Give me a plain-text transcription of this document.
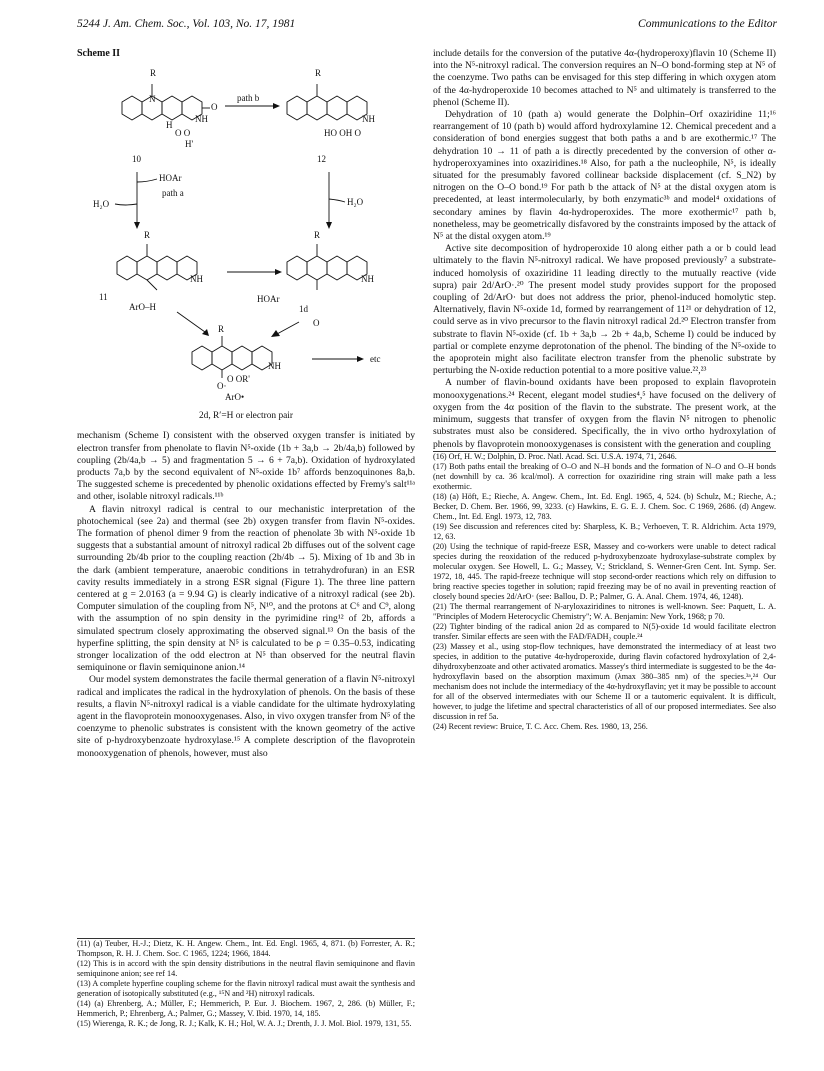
5244 J. Am. Chem. Soc., Vol. 103, No. 17, 1981	Communications to the Editor
Scheme II
R
N
O
NH
H
O O
H'
10
path b
R
NH
HO OH O
12
HOAr
path a
H₂O	H₂O
R
NH
11
ArO–H
R
NH
HOAr
1d
O
R
NH
O OR'
O·
etc
ArO•
2d, R′=H or electron pair

mechanism (Scheme I) consistent with the observed oxygen transfer is initiated by electron transfer from phenolate to flavin N⁵-oxide (1b + 3a,b → 2b/4a,b) followed by coupling (2b/4a,b → 5) and fragmentation 5 → 6 + 7a,b). Oxidation of hydroxylated products 7a,b by the second equivalent of N⁵-oxide 1b⁷ affords benzoquinones 8a,b. The suggested scheme is precedented by phenolic oxidations effected by Fremy's salt¹¹ᵃ and other, isolable nitroxyl radicals.¹¹ᵇ

A flavin nitroxyl radical is central to our mechanistic interpretation of the photochemical (see 2a) and thermal (see 2b) oxygen transfer from flavin N⁵-oxides. The formation of phenol dimer 9 from the reaction of phenolate 3b with N⁵-oxide 1b suggests that a substantial amount of nitroxyl radical 2b diffuses out of the solvent cage surrounding 2b/4b prior to the coupling reaction (2b/4b → 5). Mixing of 1b and 3b in the dark (ambient temperature, anaerobic conditions in tetrahydrofuran) in an ESR cavity results immediately in a strong ESR signal (Figure 1). The three line pattern centered at g = 2.0163 (a = 9.94 G) is clearly indicative of a nitroxyl radical (see 2b). Computer simulation of the coupling from N⁵, N¹⁰, and the protons at C⁶ and C⁹, along with the assumption of no spin density in the pyrimidine ring¹² of 2b, affords a simulated spectrum closely approximating the observed signal.¹³ On the basis of the hyperfine splitting, the spin density at N⁵ is calculated to be ρ = 0.35–0.53, indicating stronger localization of the odd electron at N⁵ than observed for the neutral flavin semiquinone or flavin semiquinone anion.¹⁴

Our model system demonstrates the facile thermal generation of a flavin N⁵-nitroxyl radical and implicates the radical in the hydroxylation of phenols. On the basis of these results, a flavin N⁵-nitroxyl radical is a viable candidate for the ultimate hydroxylating agent in the flavoprotein monooxygenases. Also, in vivo oxygen transfer from N⁵ of the coenzyme to phenolic substrates is consistent with the known geometry of the active site of p-hydroxybenzoate hydroxylase.¹⁵ A complete description of the flavoprotein monooxygenation of phenols, however, must also

(11) (a) Teuber, H.-J.; Dietz, K. H. Angew. Chem., Int. Ed. Engl. 1965, 4, 871. (b) Forrester, A. R.; Thompson, R. H. J. Chem. Soc. C 1965, 1224; 1966, 1844.
(12) This is in accord with the spin density distributions in the neutral flavin semiquinone and flavin semiquinone anion; see ref 14.
(13) A complete hyperfine coupling scheme for the flavin nitroxyl radical must await the synthesis and generation of isotopically substituted (e.g., ¹⁵N and ²H) nitroxyl radicals.
(14) (a) Ehrenberg, A.; Müller, F.; Hemmerich, P. Eur. J. Biochem. 1967, 2, 286. (b) Müller, F.; Hemmerich, P.; Ehrenberg, A.; Palmer, G.; Massey, V. Ibid. 1970, 14, 185.
(15) Wierenga, R. K.; de Jong, R. J.; Kalk, K. H.; Hol, W. A. J.; Drenth, J. J. Mol. Biol. 1979, 131, 55.

include details for the conversion of the putative 4α-(hydroperoxy)flavin 10 (Scheme II) into the N⁵-nitroxyl radical. The conversion requires an N–O bond-forming step at N⁵ of the coenzyme. Two paths can be envisaged for this step differing in which oxygen atom of the 4α-hydroperoxide 10 becomes attached to N⁵ and ultimately is transferred to the phenol (Scheme II).

Dehydration of 10 (path a) would generate the Dolphin–Orf oxaziridine 11;¹⁶ rearrangement of 10 (path b) would afford hydroxylamine 12. Chemical precedent and a consideration of bond energies suggest that both paths a and b are exothermic.¹⁷ The dehydration 10 → 11 of path a is directly precedented by the conversion of other α-hydroperoxyamines into oxaziridines.¹⁸ Also, for path a the nucleophile, N⁵, is ideally situated for the presumably favored collinear backside displacement (cf. S_N2) by nitrogen on the O–O bond.¹⁹ For path b the attack of N⁵ at the distal oxygen atom is precedented, at least intermolecularly, by both enzymatic³ᵇ and model⁴ oxidations of secondary amines by flavin 4α-hydroperoxides. The more exothermic¹⁷ path b, nonetheless, may be geometrically disfavored by the constraints imposed by the attack of N⁵ at the distal oxygen atom.¹⁹

Active site decomposition of hydroperoxide 10 along either path a or b could lead ultimately to the flavin N⁵-nitroxyl radical. We have proposed previously⁷ a substrate-induced homolysis of oxaziridine 11 leading directly to the mutually reactive (vide supra) pair 2d/ArO·.²⁰ The present model study provides support for the proposed coupling of 2d/ArO· but does not address the prior, phenol-induced homolytic step. Alternatively, flavin N⁵-oxide 1d, formed by rearrangement of 11²¹ or dehydration of 12, could serve as in vivo precursor to the flavin nitroxyl radical 2d.²⁰ Electron transfer from substrate to flavin N⁵-oxide (cf. 1b + 3a,b → 2b + 4a,b, Scheme I) could be induced by partial or complete enzyme deprotonation of the phenol. The binding of the N⁵-oxide to the apoprotein might also facilitate electron transfer from the phenolic substrate by perturbing the N-oxide reduction potential to a more positive value.²²,²³

A number of flavin-bound oxidants have been proposed to explain flavoprotein monooxygenations.²⁴ Recent, elegant model studies⁴,⁵ have focused on the delivery of oxygen from the 4α position of the flavin to the substrate. The present work, at the minimum, suggests that transfer of oxygen from the flavin N⁵ nitrogen to phenolic substrates must also be considered. Specifically, the in vivo ortho hydroxylation of phenols by flavoprotein monooxygenases is consistent with the generation and coupling

(16) Orf, H. W.; Dolphin, D. Proc. Natl. Acad. Sci. U.S.A. 1974, 71, 2646.
(17) Both paths entail the breaking of O–O and N–H bonds and the formation of N–O and O–H bonds (net downhill by ca. 36 kcal/mol). A correction for oxaziridine ring strain will make path a less exothermic.
(18) (a) Höft, E.; Rieche, A. Angew. Chem., Int. Ed. Engl. 1965, 4, 524. (b) Schulz, M.; Rieche, A.; Becker, D. Chem. Ber. 1966, 99, 3233. (c) Hawkins, E. G. E. J. Chem. Soc. C 1969, 2686. (d) Angew. Chem., Int. Ed. Engl. 1973, 12, 783.
(19) See discussion and references cited by: Sharpless, K. B.; Verhoeven, T. R. Aldrichim. Acta 1979, 12, 63.
(20) Using the technique of rapid-freeze ESR, Massey and co-workers were unable to detect radical species during the reoxidation of the reduced p-hydroxybenzoate hydroxylase-substrate complex by molecular oxygen. See Howell, L. G.; Massey, V.; Strickland, S. Wenner-Gren Cent. Int. Symp. Ser. 1972, 18, 445. The rapid-freeze technique will stop second-order reactions which rely on diffusion to bring reactive species together in solution; rapid freezing may be of no avail in preventing reaction of closely bound species 2d/ArO· (see: Ballou, D. P.; Palmer, G. A. Anal. Chem. 1974, 46, 1248).
(21) The thermal rearrangement of N-aryloxaziridines to nitrones is well-known. See: Paquett, L. A. "Principles of Modern Heterocyclic Chemistry"; W. A. Benjamin: New York, 1968; p 70.
(22) Tighter binding of the radical anion 2d as compared to N(5)-oxide 1d would facilitate electron transfer. Similar effects are seen with the FAD/FADH₂ couple.²⁴
(23) Massey et al., using stop-flow techniques, have demonstrated the intermediacy of at least two species, in addition to the putative 4α-hydroperoxide, during flavin cofactored hydroxylation of 2,4-dihydroxybenzoate and other activated aromatics. Massey's third intermediate is suggested to be the 4α-hydroxyflavin based on the absorption maximum (λmax 380–385 nm) of the species.³ᵃ,²⁴ Our mechanism does not include the intermediacy of the 4α-hydroxyflavin; yet it may be possible to account for all of the observed intermediates with our Scheme II or a tautomeric equivalent. It is difficult, however, to judge the lifetime and spectral characteristics of all of our proposed intermediates. See also discussion in ref 5a.
(24) Recent review: Bruice, T. C. Acc. Chem. Res. 1980, 13, 256.
